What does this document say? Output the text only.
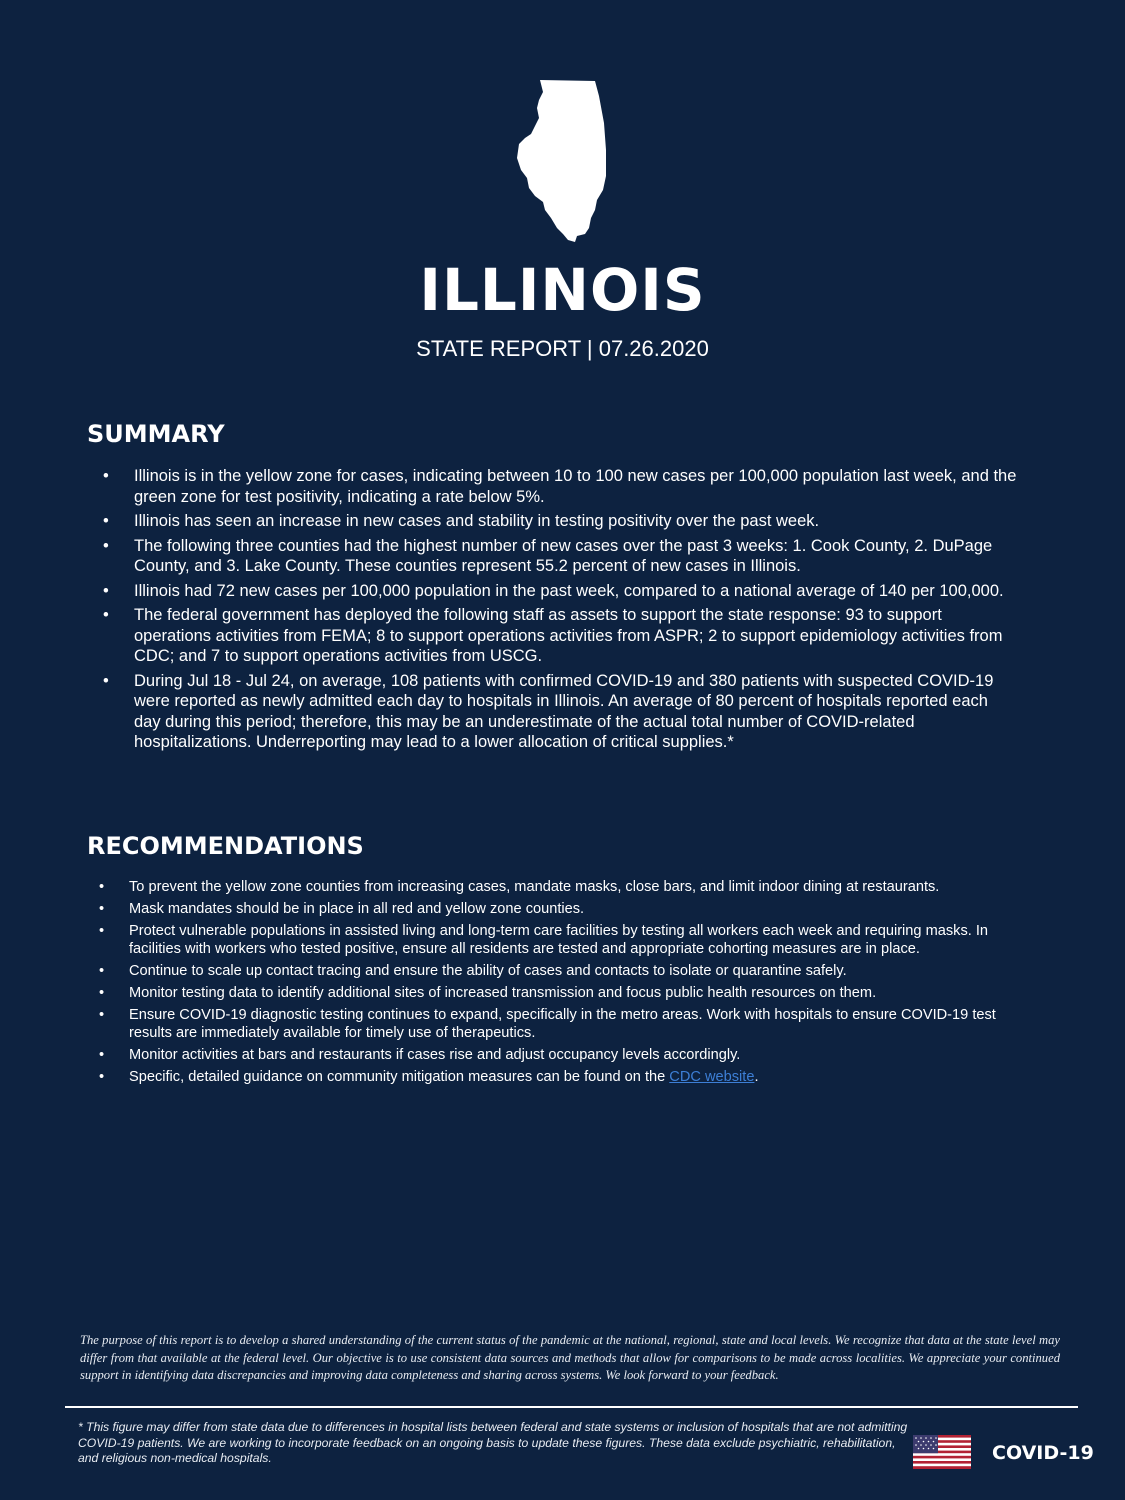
ILLINOIS
STATE REPORT | 07.26.2020
SUMMARY
• Illinois is in the yellow zone for cases, indicating between 10 to 100 new cases per 100,000 population last week, and the green zone for test positivity, indicating a rate below 5%.
• Illinois has seen an increase in new cases and stability in testing positivity over the past week.
• The following three counties had the highest number of new cases over the past 3 weeks: 1. Cook County, 2. DuPage County, and 3. Lake County. These counties represent 55.2 percent of new cases in Illinois.
• Illinois had 72 new cases per 100,000 population in the past week, compared to a national average of 140 per 100,000.
• The federal government has deployed the following staff as assets to support the state response: 93 to support operations activities from FEMA; 8 to support operations activities from ASPR; 2 to support epidemiology activities from CDC; and 7 to support operations activities from USCG.
• During Jul 18 - Jul 24, on average, 108 patients with confirmed COVID-19 and 380 patients with suspected COVID-19 were reported as newly admitted each day to hospitals in Illinois. An average of 80 percent of hospitals reported each day during this period; therefore, this may be an underestimate of the actual total number of COVID-related hospitalizations. Underreporting may lead to a lower allocation of critical supplies.*
RECOMMENDATIONS
• To prevent the yellow zone counties from increasing cases, mandate masks, close bars, and limit indoor dining at restaurants.
• Mask mandates should be in place in all red and yellow zone counties.
• Protect vulnerable populations in assisted living and long-term care facilities by testing all workers each week and requiring masks. In facilities with workers who tested positive, ensure all residents are tested and appropriate cohorting measures are in place.
• Continue to scale up contact tracing and ensure the ability of cases and contacts to isolate or quarantine safely.
• Monitor testing data to identify additional sites of increased transmission and focus public health resources on them.
• Ensure COVID-19 diagnostic testing continues to expand, specifically in the metro areas. Work with hospitals to ensure COVID-19 test results are immediately available for timely use of therapeutics.
• Monitor activities at bars and restaurants if cases rise and adjust occupancy levels accordingly.
• Specific, detailed guidance on community mitigation measures can be found on the CDC website.

The purpose of this report is to develop a shared understanding of the current status of the pandemic at the national, regional, state and local levels. We recognize that data at the state level may differ from that available at the federal level. Our objective is to use consistent data sources and methods that allow for comparisons to be made across localities. We appreciate your continued support in identifying data discrepancies and improving data completeness and sharing across systems. We look forward to your feedback.

* This figure may differ from state data due to differences in hospital lists between federal and state systems or inclusion of hospitals that are not admitting COVID-19 patients. We are working to incorporate feedback on an ongoing basis to update these figures. These data exclude psychiatric, rehabilitation, and religious non-medical hospitals.	COVID-19
